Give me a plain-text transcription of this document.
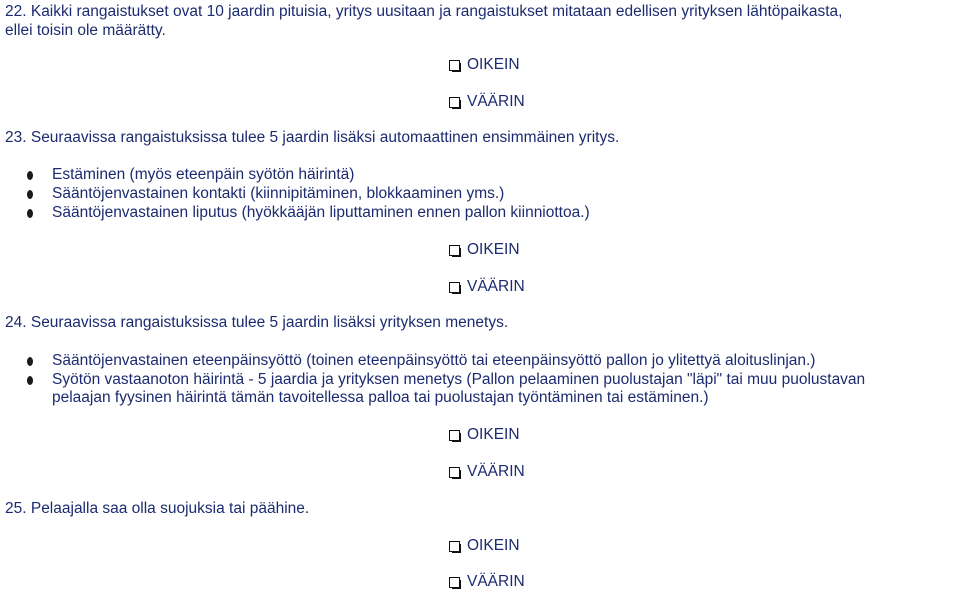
22. Kaikki rangaistukset ovat 10 jaardin pituisia, yritys uusitaan ja rangaistukset mitataan edellisen yrityksen lähtöpaikasta,
ellei toisin ole määrätty.
OIKEIN
VÄÄRIN
23. Seuraavissa rangaistuksissa tulee 5 jaardin lisäksi automaattinen ensimmäinen yritys.
Estäminen (myös eteenpäin syötön häirintä)
Sääntöjenvastainen kontakti (kiinnipitäminen, blokkaaminen yms.)
Sääntöjenvastainen liputus (hyökkääjän liputtaminen ennen pallon kiinniottoa.)
OIKEIN
VÄÄRIN
24. Seuraavissa rangaistuksissa tulee 5 jaardin lisäksi yrityksen menetys.
Sääntöjenvastainen eteenpäinsyöttö (toinen eteenpäinsyöttö tai eteenpäinsyöttö pallon jo ylitettyä aloituslinjan.)
Syötön vastaanoton häirintä - 5 jaardia ja yrityksen menetys (Pallon pelaaminen puolustajan "läpi" tai muu puolustavan
pelaajan fyysinen häirintä tämän tavoitellessa palloa tai puolustajan työntäminen tai estäminen.)
OIKEIN
VÄÄRIN
25. Pelaajalla saa olla suojuksia tai päähine.
OIKEIN
VÄÄRIN
